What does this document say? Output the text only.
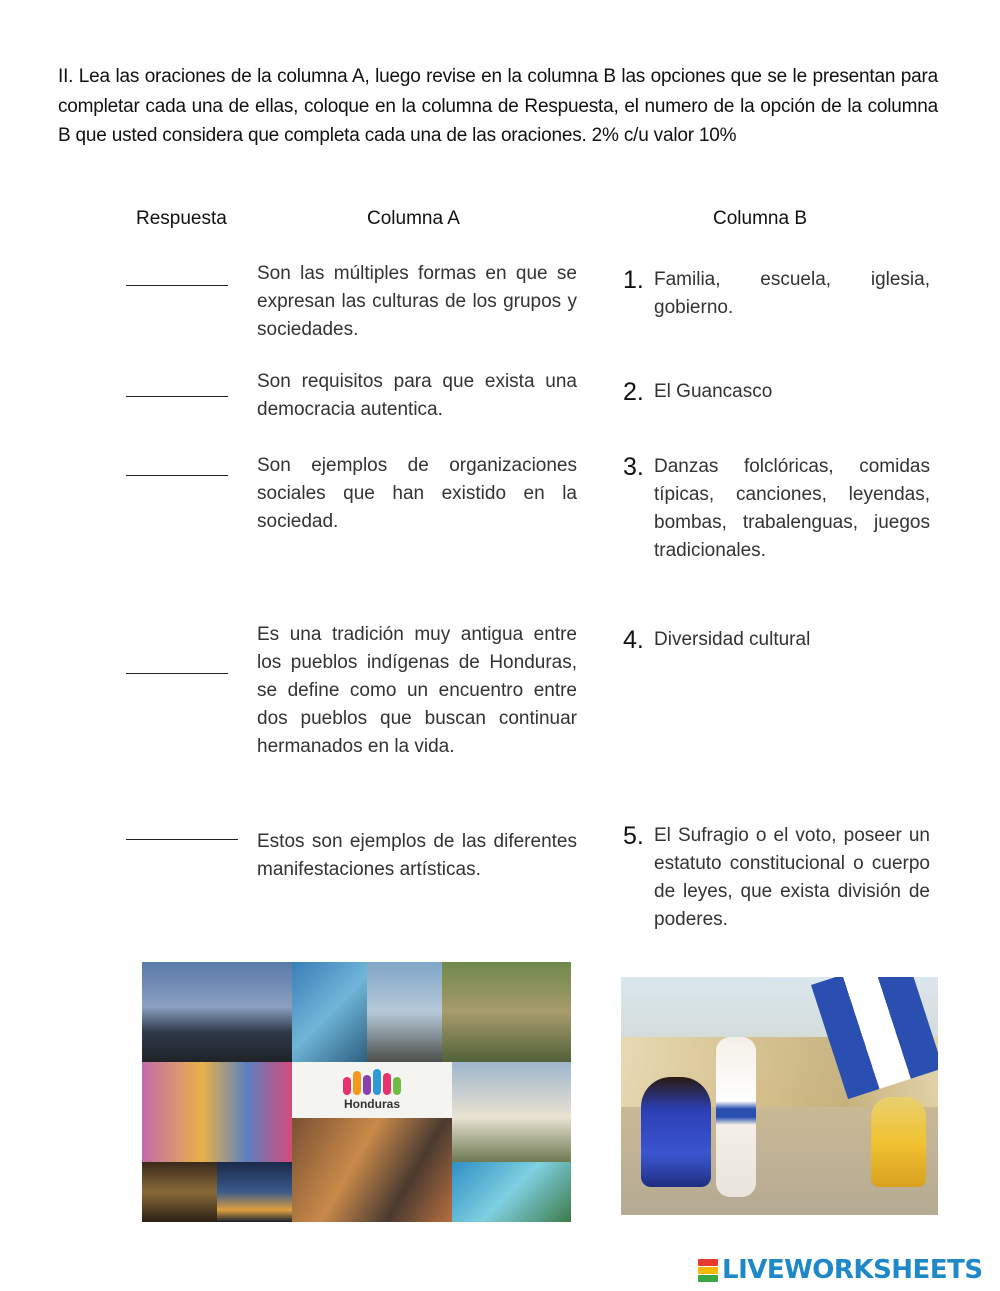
II. Lea las oraciones de la columna A, luego revise en la columna B las opciones que se le presentan para completar cada una de ellas, coloque en la columna de Respuesta, el numero de la opción de la columna B que usted considera que completa cada una de las oraciones. 2% c/u valor 10%
Respuesta	Columna A	Columna B
Son las múltiples formas en que se expresan las culturas de los grupos y sociedades.
Son requisitos para que exista una democracia autentica.
Son ejemplos de organizaciones sociales que han existido en la sociedad.
Es una tradición muy antigua entre los pueblos indígenas de Honduras, se define como un encuentro entre dos pueblos que buscan continuar hermanados en la vida.
Estos son ejemplos de las diferentes manifestaciones artísticas.
1. Familia, escuela, iglesia, gobierno.
2. El Guancasco
3. Danzas folclóricas, comidas típicas, canciones, leyendas, bombas, trabalenguas, juegos tradicionales.
4. Diversidad cultural
5. El Sufragio o el voto, poseer un estatuto constitucional o cuerpo de leyes, que exista división de poderes.
Honduras
LIVEWORKSHEETS
